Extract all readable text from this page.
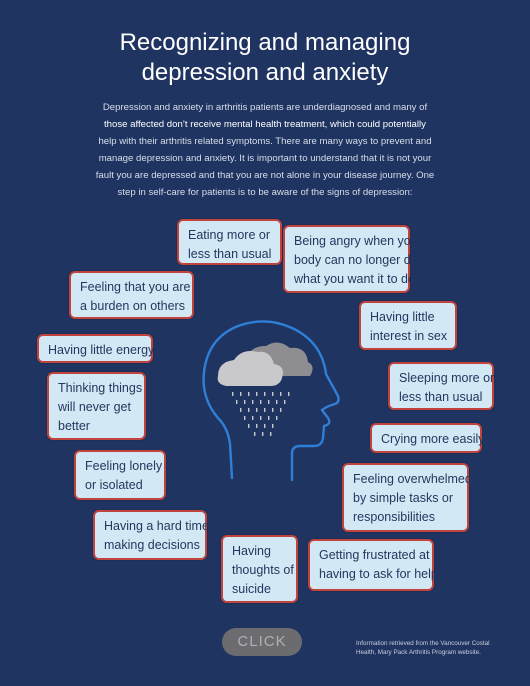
Recognizing and managing
depression and anxiety
Depression and anxiety in arthritis patients are underdiagnosed and many of
those affected don’t receive mental health treatment, which could potentially
help with their arthritis related symptoms. There are many ways to prevent and
manage depression and anxiety. It is important to understand that it is not your
fault you are depressed and that you are not alone in your disease journey. One
step in self-care for patients is to be aware of the signs of depression:
Eating more or
less than usual
Being angry when your
body can no longer do
what you want it to do
Feeling that you are
a burden on others
Having little
interest in sex
Having little energy
Sleeping more or
less than usual
Thinking things
will never get
better
Crying more easily
Feeling lonely
or isolated	Feeling overwhelmed
by simple tasks or
responsibilities
Having a hard time
making decisions	Having
thoughts of
suicide
Getting frustrated at
having to ask for help
CLICK	Information retrieved from the Vancouver Costal
Health, Mary Pack Arthritis Program website.
